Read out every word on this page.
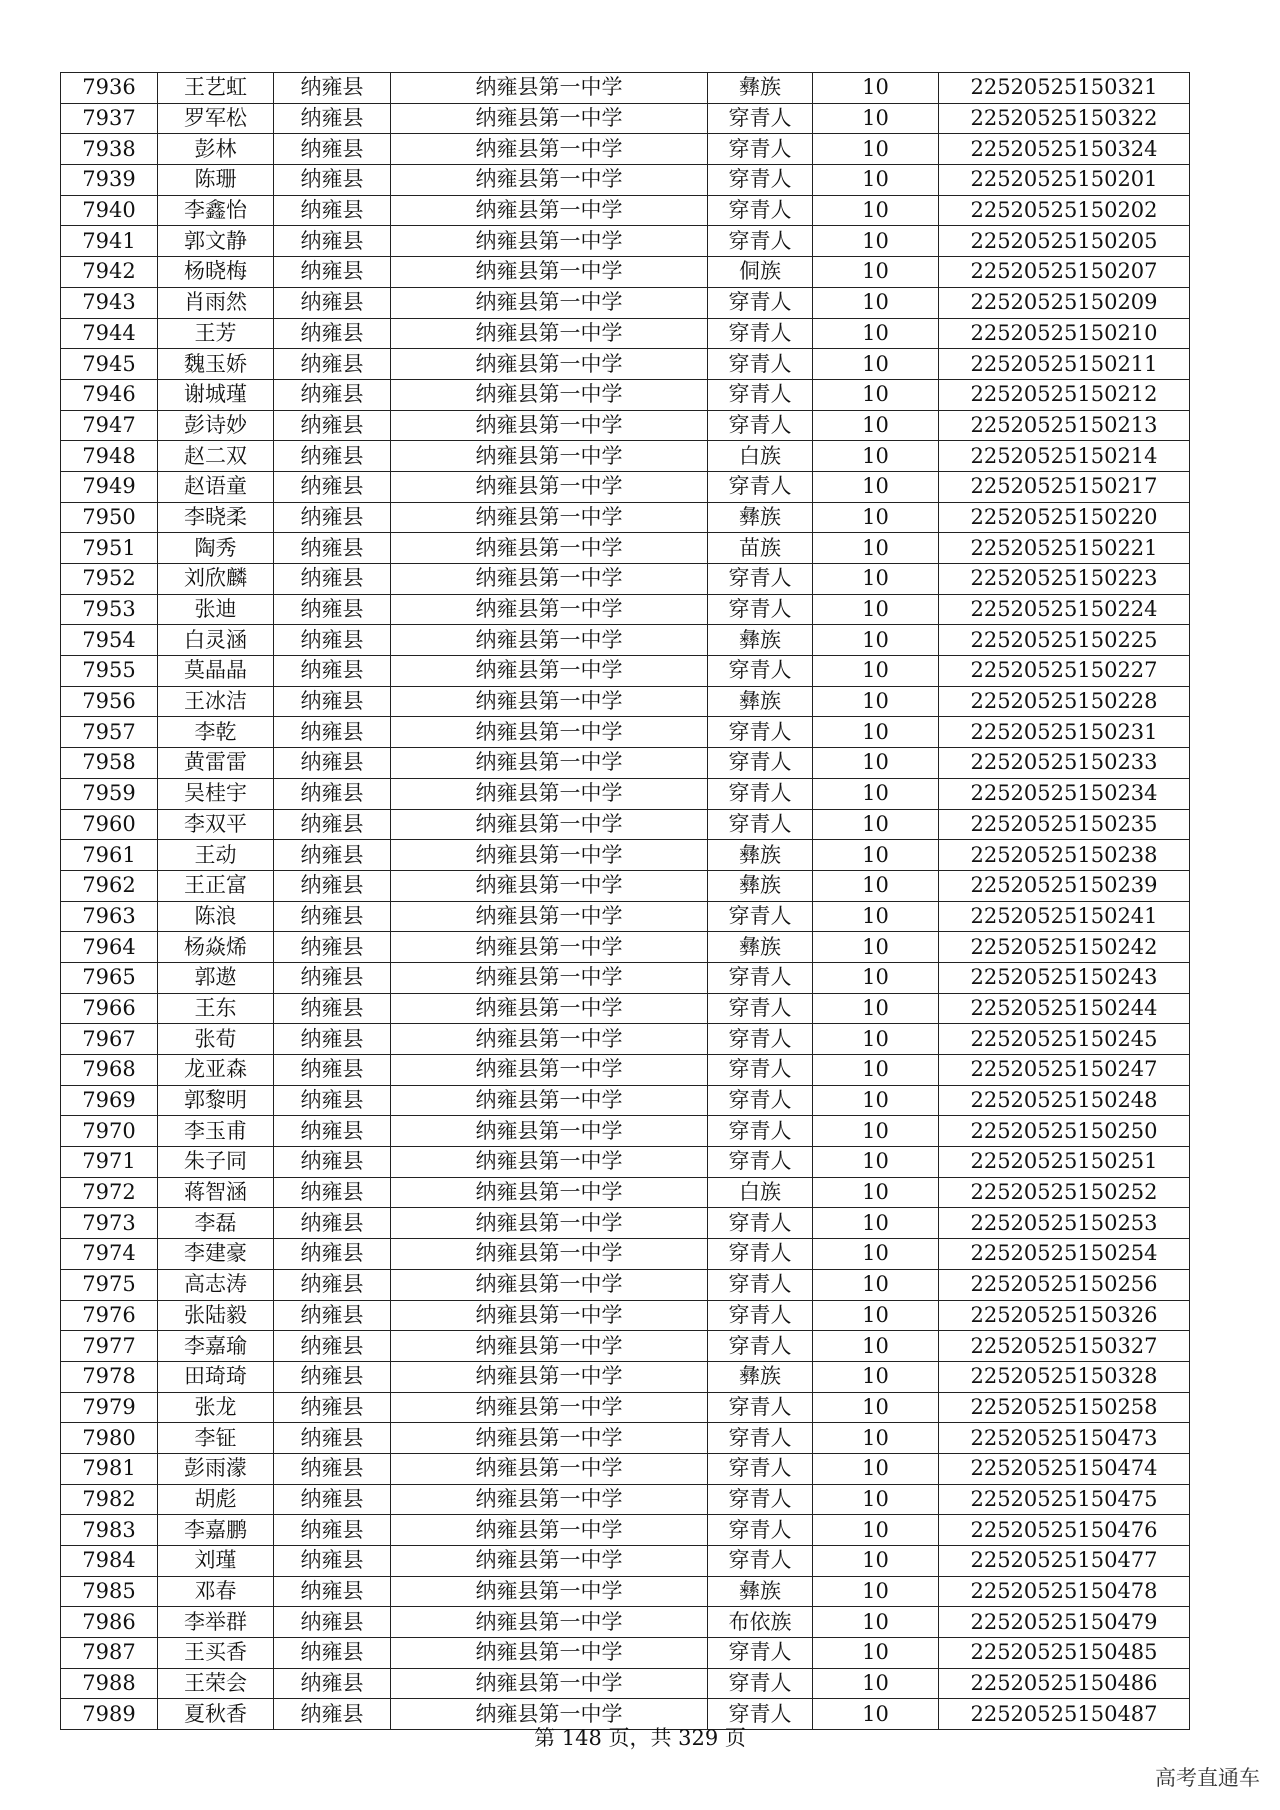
7936	王艺虹	纳雍县	纳雍县第一中学	彝族	10	22520525150321
7937	罗军松	纳雍县	纳雍县第一中学	穿青人	10	22520525150322
7938	彭林	纳雍县	纳雍县第一中学	穿青人	10	22520525150324
7939	陈珊	纳雍县	纳雍县第一中学	穿青人	10	22520525150201
7940	李鑫怡	纳雍县	纳雍县第一中学	穿青人	10	22520525150202
7941	郭文静	纳雍县	纳雍县第一中学	穿青人	10	22520525150205
7942	杨晓梅	纳雍县	纳雍县第一中学	侗族	10	22520525150207
7943	肖雨然	纳雍县	纳雍县第一中学	穿青人	10	22520525150209
7944	王芳	纳雍县	纳雍县第一中学	穿青人	10	22520525150210
7945	魏玉娇	纳雍县	纳雍县第一中学	穿青人	10	22520525150211
7946	谢城瑾	纳雍县	纳雍县第一中学	穿青人	10	22520525150212
7947	彭诗妙	纳雍县	纳雍县第一中学	穿青人	10	22520525150213
7948	赵二双	纳雍县	纳雍县第一中学	白族	10	22520525150214
7949	赵语童	纳雍县	纳雍县第一中学	穿青人	10	22520525150217
7950	李晓柔	纳雍县	纳雍县第一中学	彝族	10	22520525150220
7951	陶秀	纳雍县	纳雍县第一中学	苗族	10	22520525150221
7952	刘欣麟	纳雍县	纳雍县第一中学	穿青人	10	22520525150223
7953	张迪	纳雍县	纳雍县第一中学	穿青人	10	22520525150224
7954	白灵涵	纳雍县	纳雍县第一中学	彝族	10	22520525150225
7955	莫晶晶	纳雍县	纳雍县第一中学	穿青人	10	22520525150227
7956	王冰洁	纳雍县	纳雍县第一中学	彝族	10	22520525150228
7957	李乾	纳雍县	纳雍县第一中学	穿青人	10	22520525150231
7958	黄雷雷	纳雍县	纳雍县第一中学	穿青人	10	22520525150233
7959	吴桂宇	纳雍县	纳雍县第一中学	穿青人	10	22520525150234
7960	李双平	纳雍县	纳雍县第一中学	穿青人	10	22520525150235
7961	王动	纳雍县	纳雍县第一中学	彝族	10	22520525150238
7962	王正富	纳雍县	纳雍县第一中学	彝族	10	22520525150239
7963	陈浪	纳雍县	纳雍县第一中学	穿青人	10	22520525150241
7964	杨焱烯	纳雍县	纳雍县第一中学	彝族	10	22520525150242
7965	郭遨	纳雍县	纳雍县第一中学	穿青人	10	22520525150243
7966	王东	纳雍县	纳雍县第一中学	穿青人	10	22520525150244
7967	张荀	纳雍县	纳雍县第一中学	穿青人	10	22520525150245
7968	龙亚森	纳雍县	纳雍县第一中学	穿青人	10	22520525150247
7969	郭黎明	纳雍县	纳雍县第一中学	穿青人	10	22520525150248
7970	李玉甫	纳雍县	纳雍县第一中学	穿青人	10	22520525150250
7971	朱子同	纳雍县	纳雍县第一中学	穿青人	10	22520525150251
7972	蒋智涵	纳雍县	纳雍县第一中学	白族	10	22520525150252
7973	李磊	纳雍县	纳雍县第一中学	穿青人	10	22520525150253
7974	李建豪	纳雍县	纳雍县第一中学	穿青人	10	22520525150254
7975	高志涛	纳雍县	纳雍县第一中学	穿青人	10	22520525150256
7976	张陆毅	纳雍县	纳雍县第一中学	穿青人	10	22520525150326
7977	李嘉瑜	纳雍县	纳雍县第一中学	穿青人	10	22520525150327
7978	田琦琦	纳雍县	纳雍县第一中学	彝族	10	22520525150328
7979	张龙	纳雍县	纳雍县第一中学	穿青人	10	22520525150258
7980	李钲	纳雍县	纳雍县第一中学	穿青人	10	22520525150473
7981	彭雨濛	纳雍县	纳雍县第一中学	穿青人	10	22520525150474
7982	胡彪	纳雍县	纳雍县第一中学	穿青人	10	22520525150475
7983	李嘉鹏	纳雍县	纳雍县第一中学	穿青人	10	22520525150476
7984	刘瑾	纳雍县	纳雍县第一中学	穿青人	10	22520525150477
7985	邓春	纳雍县	纳雍县第一中学	彝族	10	22520525150478
7986	李举群	纳雍县	纳雍县第一中学	布依族	10	22520525150479
7987	王买香	纳雍县	纳雍县第一中学	穿青人	10	22520525150485
7988	王荣会	纳雍县	纳雍县第一中学	穿青人	10	22520525150486
7989	夏秋香	纳雍县	纳雍县第一中学	穿青人	10	22520525150487
第 148 页，共 329 页
高考直通车
